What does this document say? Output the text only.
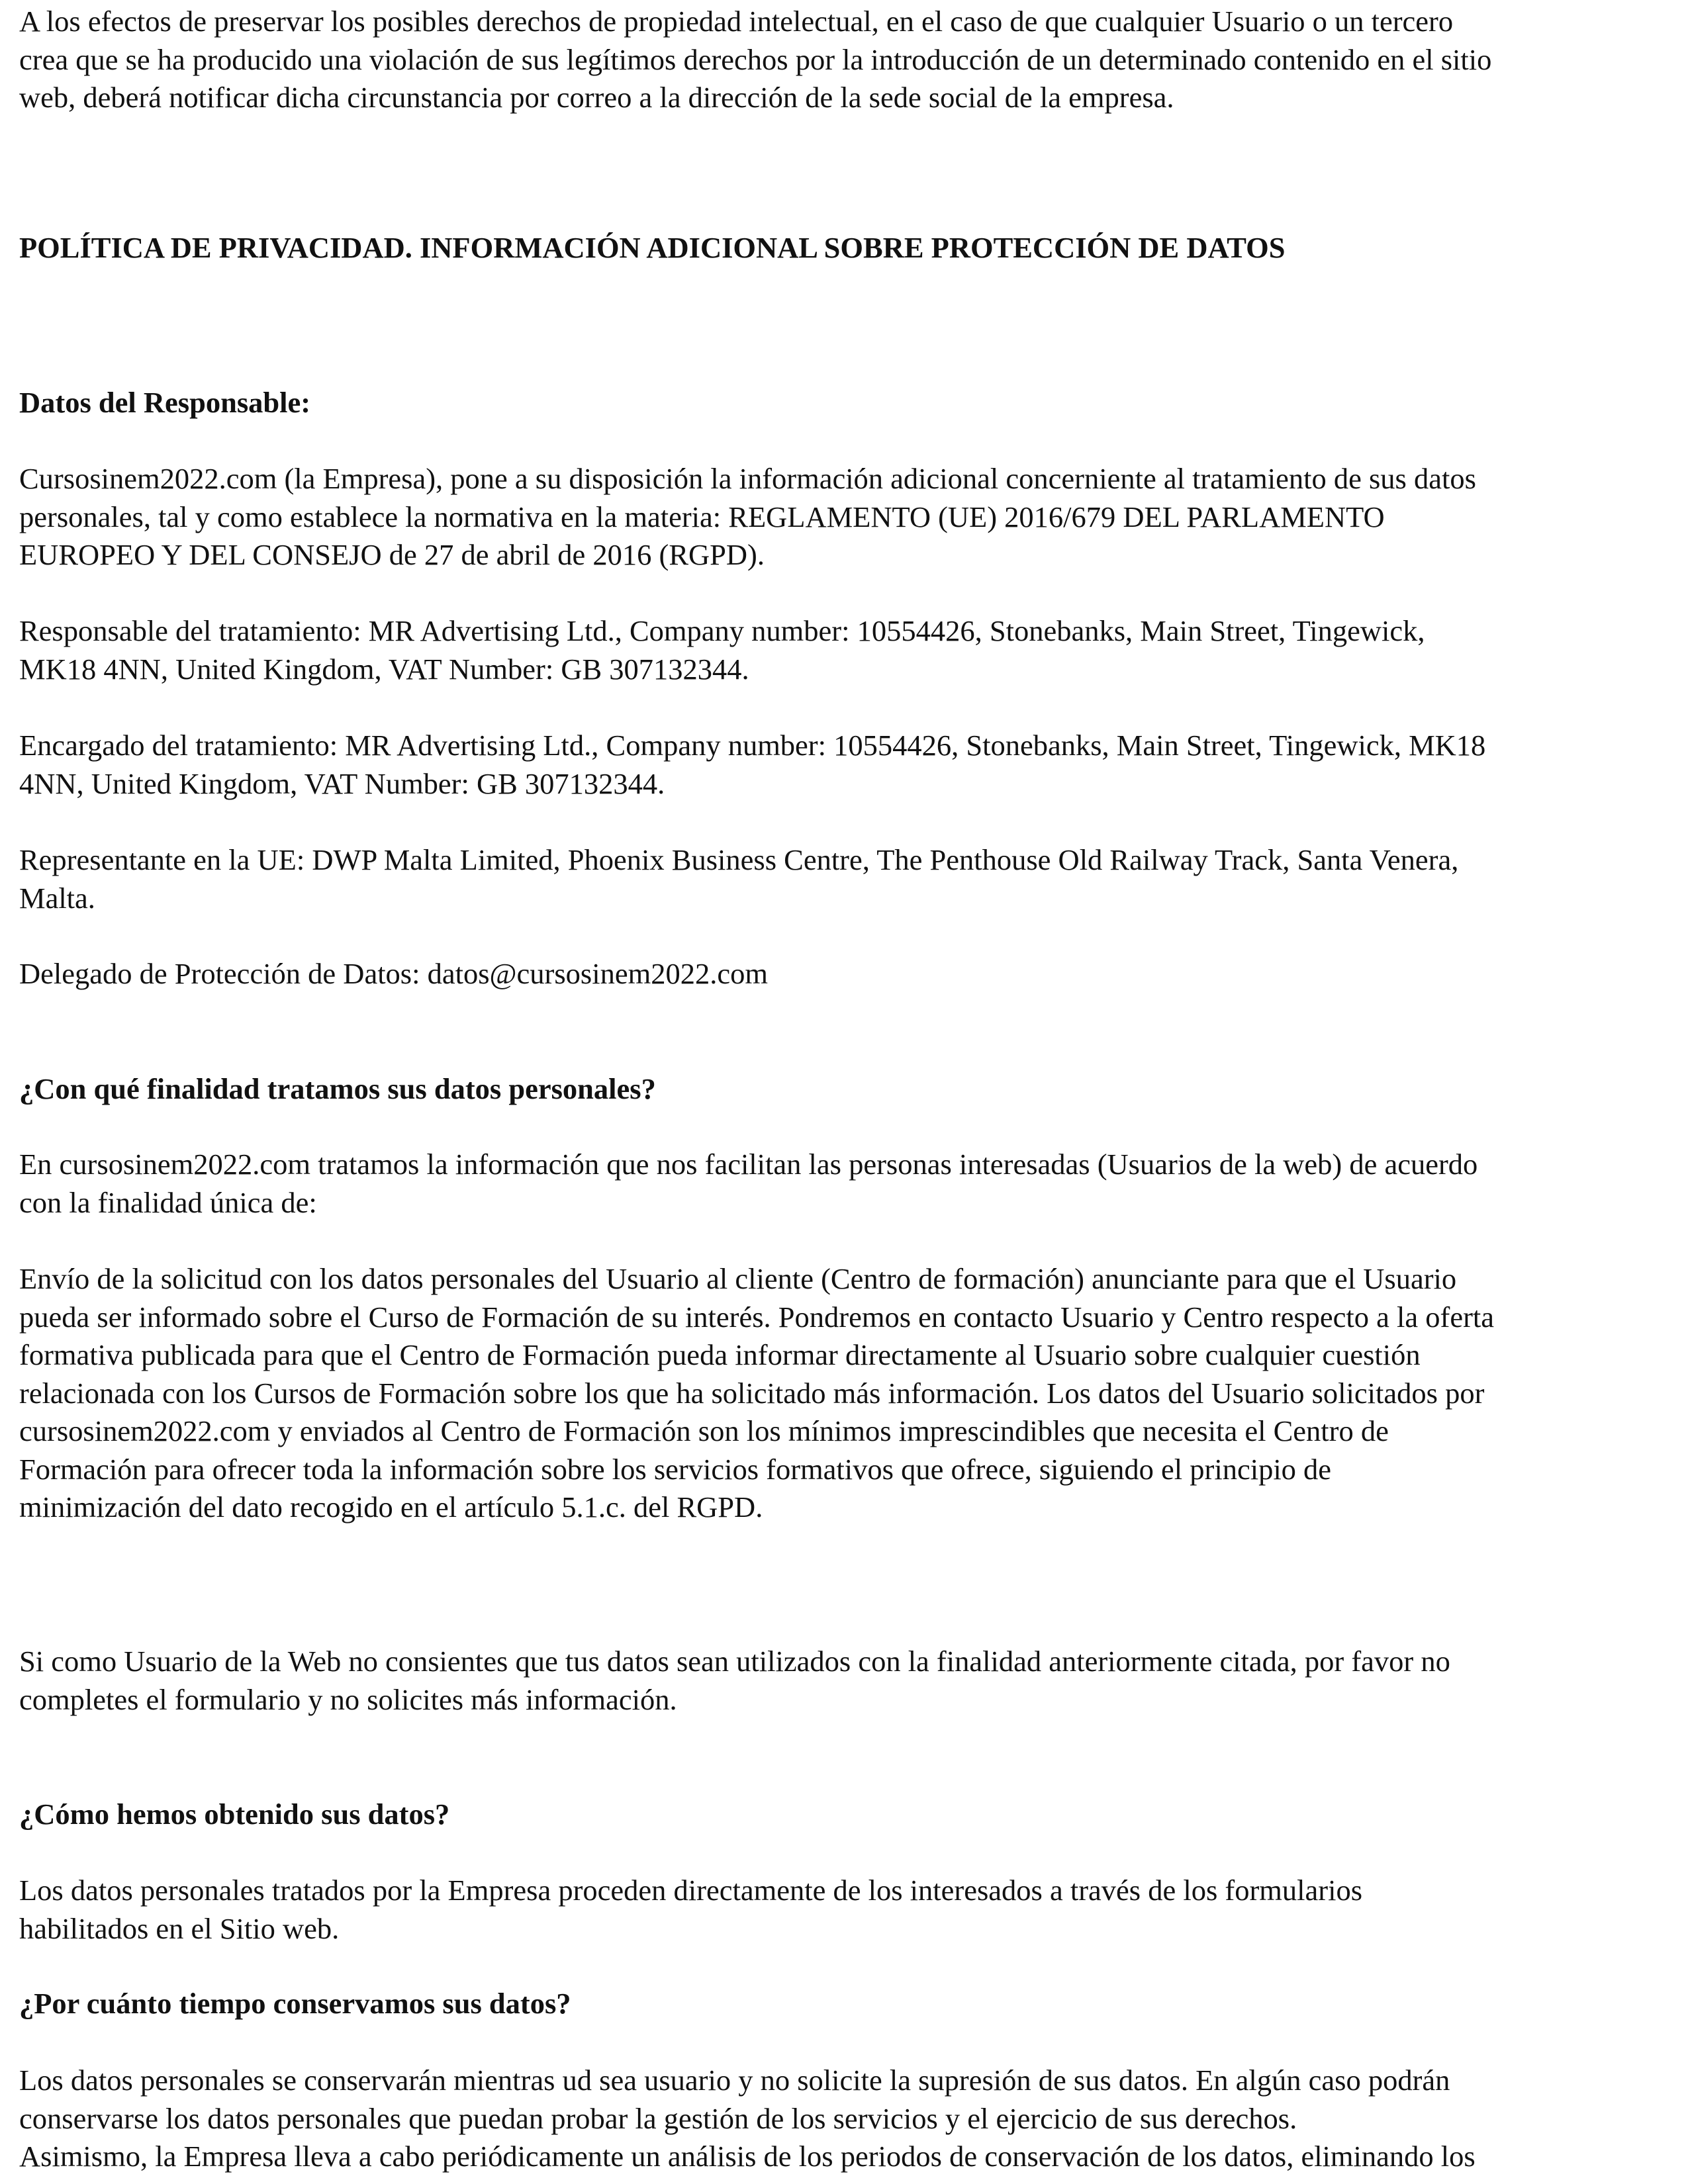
A los efectos de preservar los posibles derechos de propiedad intelectual, en el caso de que cualquier Usuario o un tercero
crea que se ha producido una violación de sus legítimos derechos por la introducción de un determinado contenido en el sitio
web, deberá notificar dicha circunstancia por correo a la dirección de la sede social de la empresa.
POLÍTICA DE PRIVACIDAD. INFORMACIÓN ADICIONAL SOBRE PROTECCIÓN DE DATOS
Datos del Responsable:
Cursosinem2022.com (la Empresa), pone a su disposición la información adicional concerniente al tratamiento de sus datos
personales, tal y como establece la normativa en la materia: REGLAMENTO (UE) 2016/679 DEL PARLAMENTO
EUROPEO Y DEL CONSEJO de 27 de abril de 2016 (RGPD).
Responsable del tratamiento: MR Advertising Ltd., Company number: 10554426, Stonebanks, Main Street, Tingewick,
MK18 4NN, United Kingdom, VAT Number: GB 307132344.
Encargado del tratamiento: MR Advertising Ltd., Company number: 10554426, Stonebanks, Main Street, Tingewick, MK18
4NN, United Kingdom, VAT Number: GB 307132344.
Representante en la UE: DWP Malta Limited, Phoenix Business Centre, The Penthouse Old Railway Track, Santa Venera,
Malta.
Delegado de Protección de Datos: datos@cursosinem2022.com
¿Con qué finalidad tratamos sus datos personales?
En cursosinem2022.com tratamos la información que nos facilitan las personas interesadas (Usuarios de la web) de acuerdo
con la finalidad única de:
Envío de la solicitud con los datos personales del Usuario al cliente (Centro de formación) anunciante para que el Usuario
pueda ser informado sobre el Curso de Formación de su interés. Pondremos en contacto Usuario y Centro respecto a la oferta
formativa publicada para que el Centro de Formación pueda informar directamente al Usuario sobre cualquier cuestión
relacionada con los Cursos de Formación sobre los que ha solicitado más información. Los datos del Usuario solicitados por
cursosinem2022.com y enviados al Centro de Formación son los mínimos imprescindibles que necesita el Centro de
Formación para ofrecer toda la información sobre los servicios formativos que ofrece, siguiendo el principio de
minimización del dato recogido en el artículo 5.1.c. del RGPD.
Si como Usuario de la Web no consientes que tus datos sean utilizados con la finalidad anteriormente citada, por favor no
completes el formulario y no solicites más información.
¿Cómo hemos obtenido sus datos?
Los datos personales tratados por la Empresa proceden directamente de los interesados a través de los formularios
habilitados en el Sitio web.
¿Por cuánto tiempo conservamos sus datos?
Los datos personales se conservarán mientras ud sea usuario y no solicite la supresión de sus datos. En algún caso podrán
conservarse los datos personales que puedan probar la gestión de los servicios y el ejercicio de sus derechos.
Asimismo, la Empresa lleva a cabo periódicamente un análisis de los periodos de conservación de los datos, eliminando los
